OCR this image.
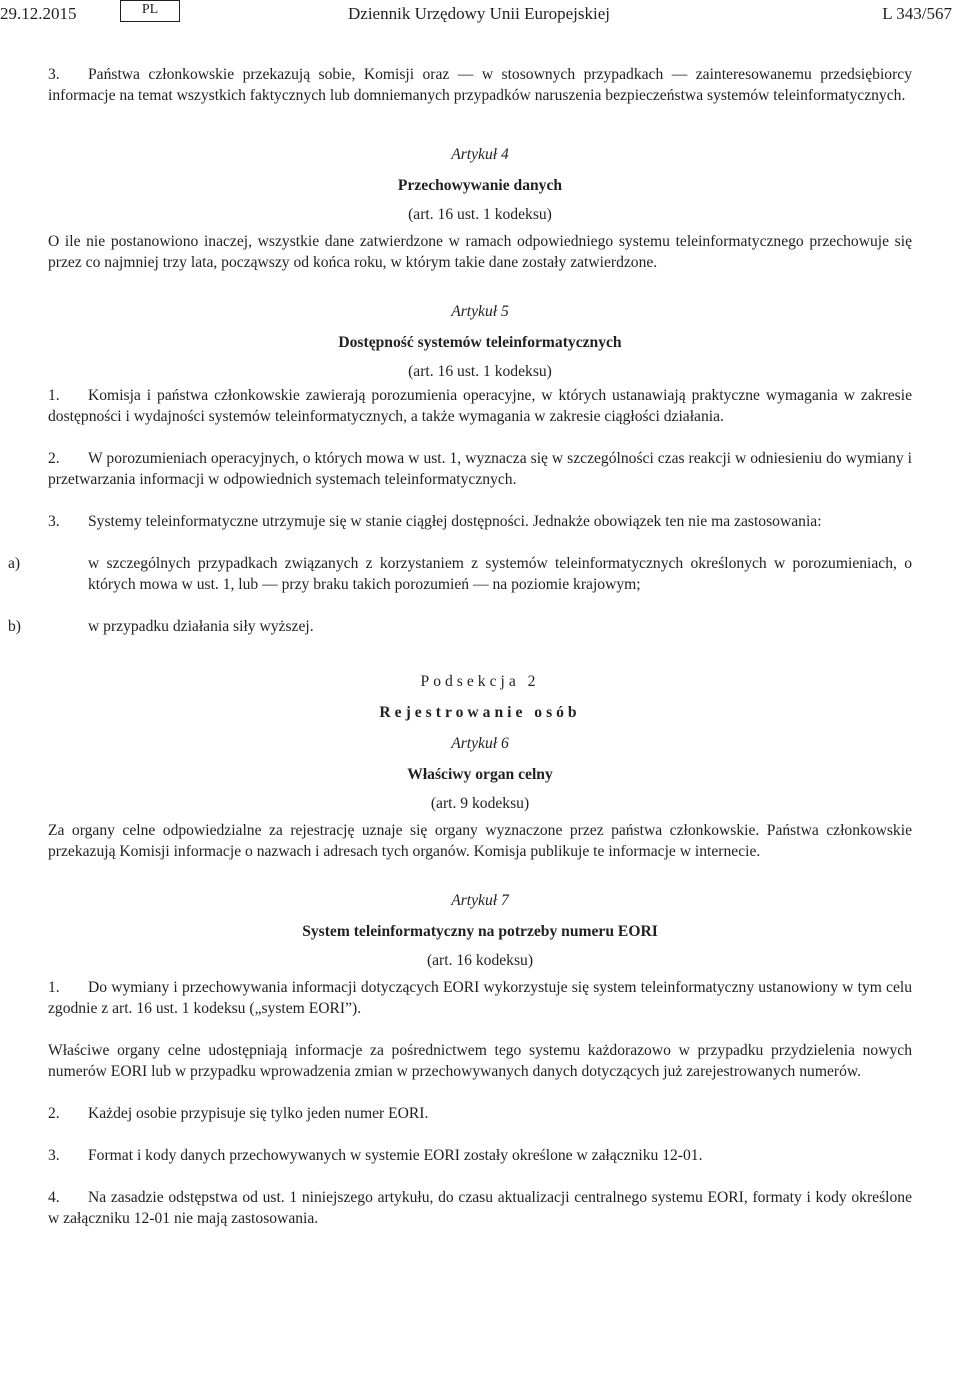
29.12.2015	PL	Dziennik Urzędowy Unii Europejskiej	L 343/567

3. Państwa członkowskie przekazują sobie, Komisji oraz — w stosownych przypadkach — zainteresowanemu przedsiębiorcy informacje na temat wszystkich faktycznych lub domniemanych przypadków naruszenia bezpieczeństwa systemów teleinformatycznych.

Artykuł 4

Przechowywanie danych

(art. 16 ust. 1 kodeksu)

O ile nie postanowiono inaczej, wszystkie dane zatwierdzone w ramach odpowiedniego systemu teleinformatycznego przechowuje się przez co najmniej trzy lata, począwszy od końca roku, w którym takie dane zostały zatwierdzone.

Artykuł 5

Dostępność systemów teleinformatycznych

(art. 16 ust. 1 kodeksu)

1. Komisja i państwa członkowskie zawierają porozumienia operacyjne, w których ustanawiają praktyczne wymagania w zakresie dostępności i wydajności systemów teleinformatycznych, a także wymagania w zakresie ciągłości działania.

2. W porozumieniach operacyjnych, o których mowa w ust. 1, wyznacza się w szczególności czas reakcji w odniesieniu do wymiany i przetwarzania informacji w odpowiednich systemach teleinformatycznych.

3. Systemy teleinformatyczne utrzymuje się w stanie ciągłej dostępności. Jednakże obowiązek ten nie ma zastosowania:

a)	w szczególnych przypadkach związanych z korzystaniem z systemów teleinformatycznych określonych w porozumieniach, o których mowa w ust. 1, lub — przy braku takich porozumień — na poziomie krajowym;

b)	w przypadku działania siły wyższej.

Podsekcja 2

Rejestrowanie osób

Artykuł 6

Właściwy organ celny

(art. 9 kodeksu)

Za organy celne odpowiedzialne za rejestrację uznaje się organy wyznaczone przez państwa członkowskie. Państwa członkowskie przekazują Komisji informacje o nazwach i adresach tych organów. Komisja publikuje te informacje w internecie.

Artykuł 7

System teleinformatyczny na potrzeby numeru EORI

(art. 16 kodeksu)

1. Do wymiany i przechowywania informacji dotyczących EORI wykorzystuje się system teleinformatyczny ustanowiony w tym celu zgodnie z art. 16 ust. 1 kodeksu („system EORI”).

Właściwe organy celne udostępniają informacje za pośrednictwem tego systemu każdorazowo w przypadku przydzielenia nowych numerów EORI lub w przypadku wprowadzenia zmian w przechowywanych danych dotyczących już zarejestrowanych numerów.

2. Każdej osobie przypisuje się tylko jeden numer EORI.

3. Format i kody danych przechowywanych w systemie EORI zostały określone w załączniku 12-01.

4. Na zasadzie odstępstwa od ust. 1 niniejszego artykułu, do czasu aktualizacji centralnego systemu EORI, formaty i kody określone w załączniku 12-01 nie mają zastosowania.
